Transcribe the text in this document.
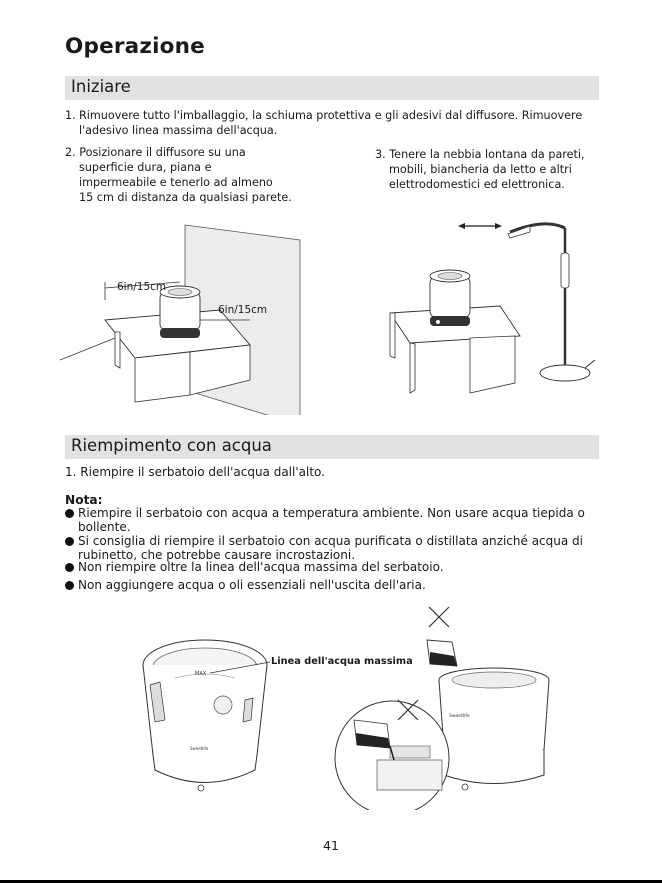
Operazione
Iniziare
1. Rimuovere tutto l'imballaggio, la schiuma protettiva e gli adesivi dal diffusore. Rimuovere l'adesivo linea massima dell'acqua.
2. Posizionare il diffusore su una
superficie dura, piana e
impermeabile e tenerlo ad almeno
15 cm di distanza da qualsiasi parete.
3. Tenere la nebbia lontana da pareti,
mobili, biancheria da letto e altri
elettrodomestici ed elettronica.
6in/15cm
6in/15cm
Riempimento con acqua
1. Riempire il serbatoio dell'acqua dall'alto.
Nota:
Riempire il serbatoio con acqua a temperatura ambiente. Non usare acqua tiepida o bollente.
Si consiglia di riempire il serbatoio con acqua purificata o distillata anziché acqua di rubinetto, che potrebbe causare incrostazioni.
Non riempire oltre la linea dell'acqua massima del serbatoio.
Non aggiungere acqua o oli essenziali nell'uscita dell'aria.
MAX
Sweetlife
Linea dell'acqua massima
Sweetlife
41
